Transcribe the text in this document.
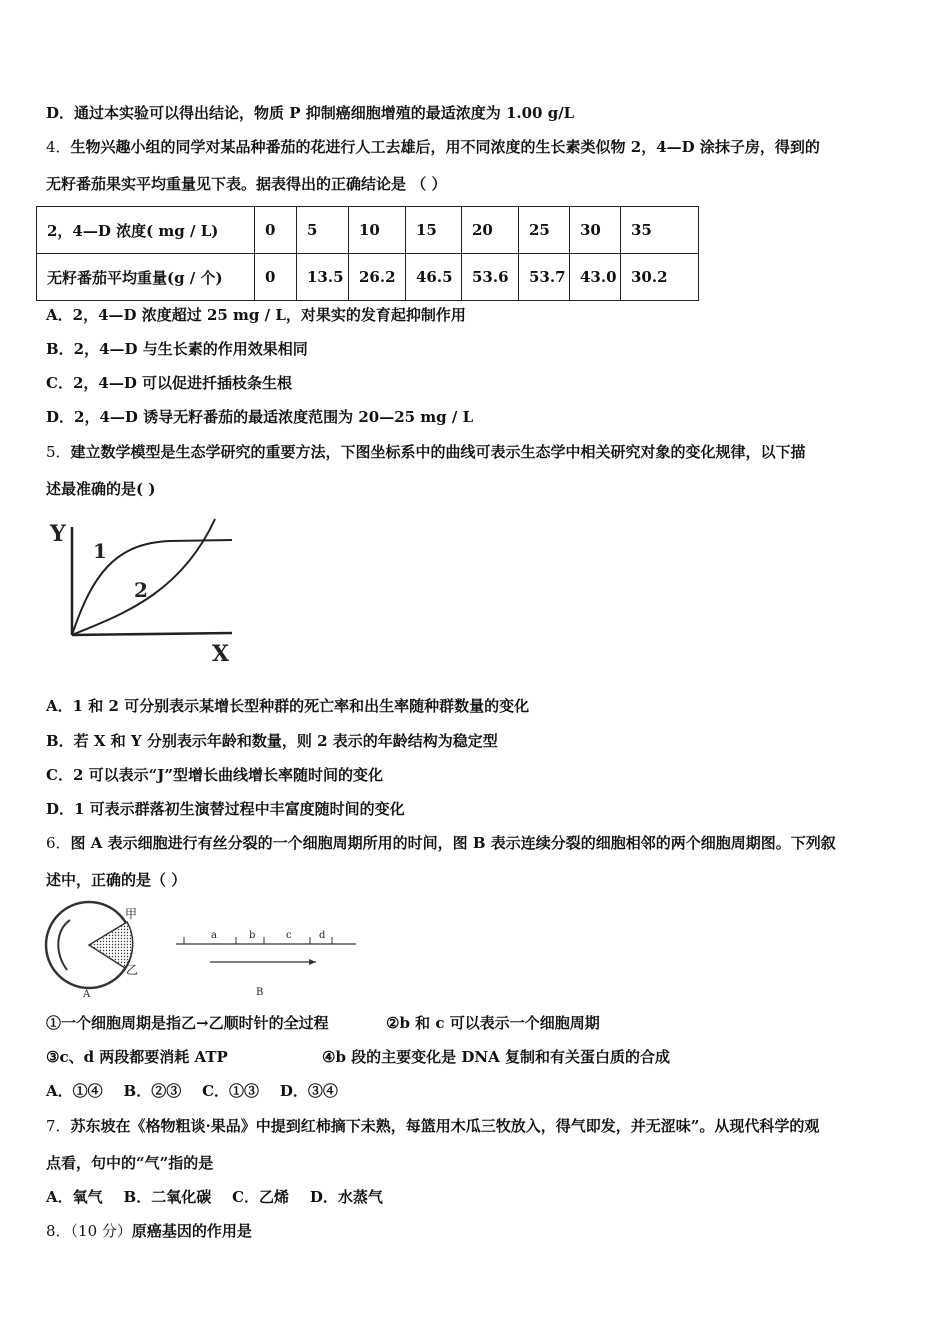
D．通过本实验可以得出结论，物质 P 抑制癌细胞增殖的最适浓度为 1.00 g/L
4．生物兴趣小组的同学对某品种番茄的花进行人工去雄后，用不同浓度的生长素类似物 2，4—D 涂抹子房，得到的
无籽番茄果实平均重量见下表。据表得出的正确结论是 （ ）
2，4—D 浓度( mg / L)	0	5	10	15	20	25	30	35
无籽番茄平均重量(g / 个)	0	13.5	26.2	46.5	53.6	53.7	43.0	30.2
A．2，4—D 浓度超过 25 mg / L，对果实的发育起抑制作用
B．2，4—D 与生长素的作用效果相同
C．2，4—D 可以促进扦插枝条生根
D．2，4—D 诱导无籽番茄的最适浓度范围为 20—25 mg / L
5．建立数学模型是生态学研究的重要方法，下图坐标系中的曲线可表示生态学中相关研究对象的变化规律，以下描
述最准确的是( )
Y
X
1
2
A．1 和 2 可分别表示某增长型种群的死亡率和出生率随种群数量的变化
B．若 X 和 Y 分别表示年龄和数量，则 2 表示的年龄结构为稳定型
C．2 可以表示“J”型增长曲线增长率随时间的变化
D．1 可表示群落初生演替过程中丰富度随时间的变化
6．图 A 表示细胞进行有丝分裂的一个细胞周期所用的时间，图 B 表示连续分裂的细胞相邻的两个细胞周期图。下列叙
述中，正确的是（ ）
甲
乙
A
a	b	c	d
B
①一个细胞周期是指乙→乙顺时针的全过程	②b 和 c 可以表示一个细胞周期
③c、d 两段都要消耗 ATP	④b 段的主要变化是 DNA 复制和有关蛋白质的合成
A．①④    B．②③    C．①③    D．③④
7．苏东坡在《格物粗谈·果品》中提到红柿摘下未熟，每篮用木瓜三牧放入，得气即发，并无涩味”。从现代科学的观
点看，句中的“气”指的是
A．氧气    B．二氧化碳    C．乙烯    D．水蒸气
8．（10 分）原癌基因的作用是
